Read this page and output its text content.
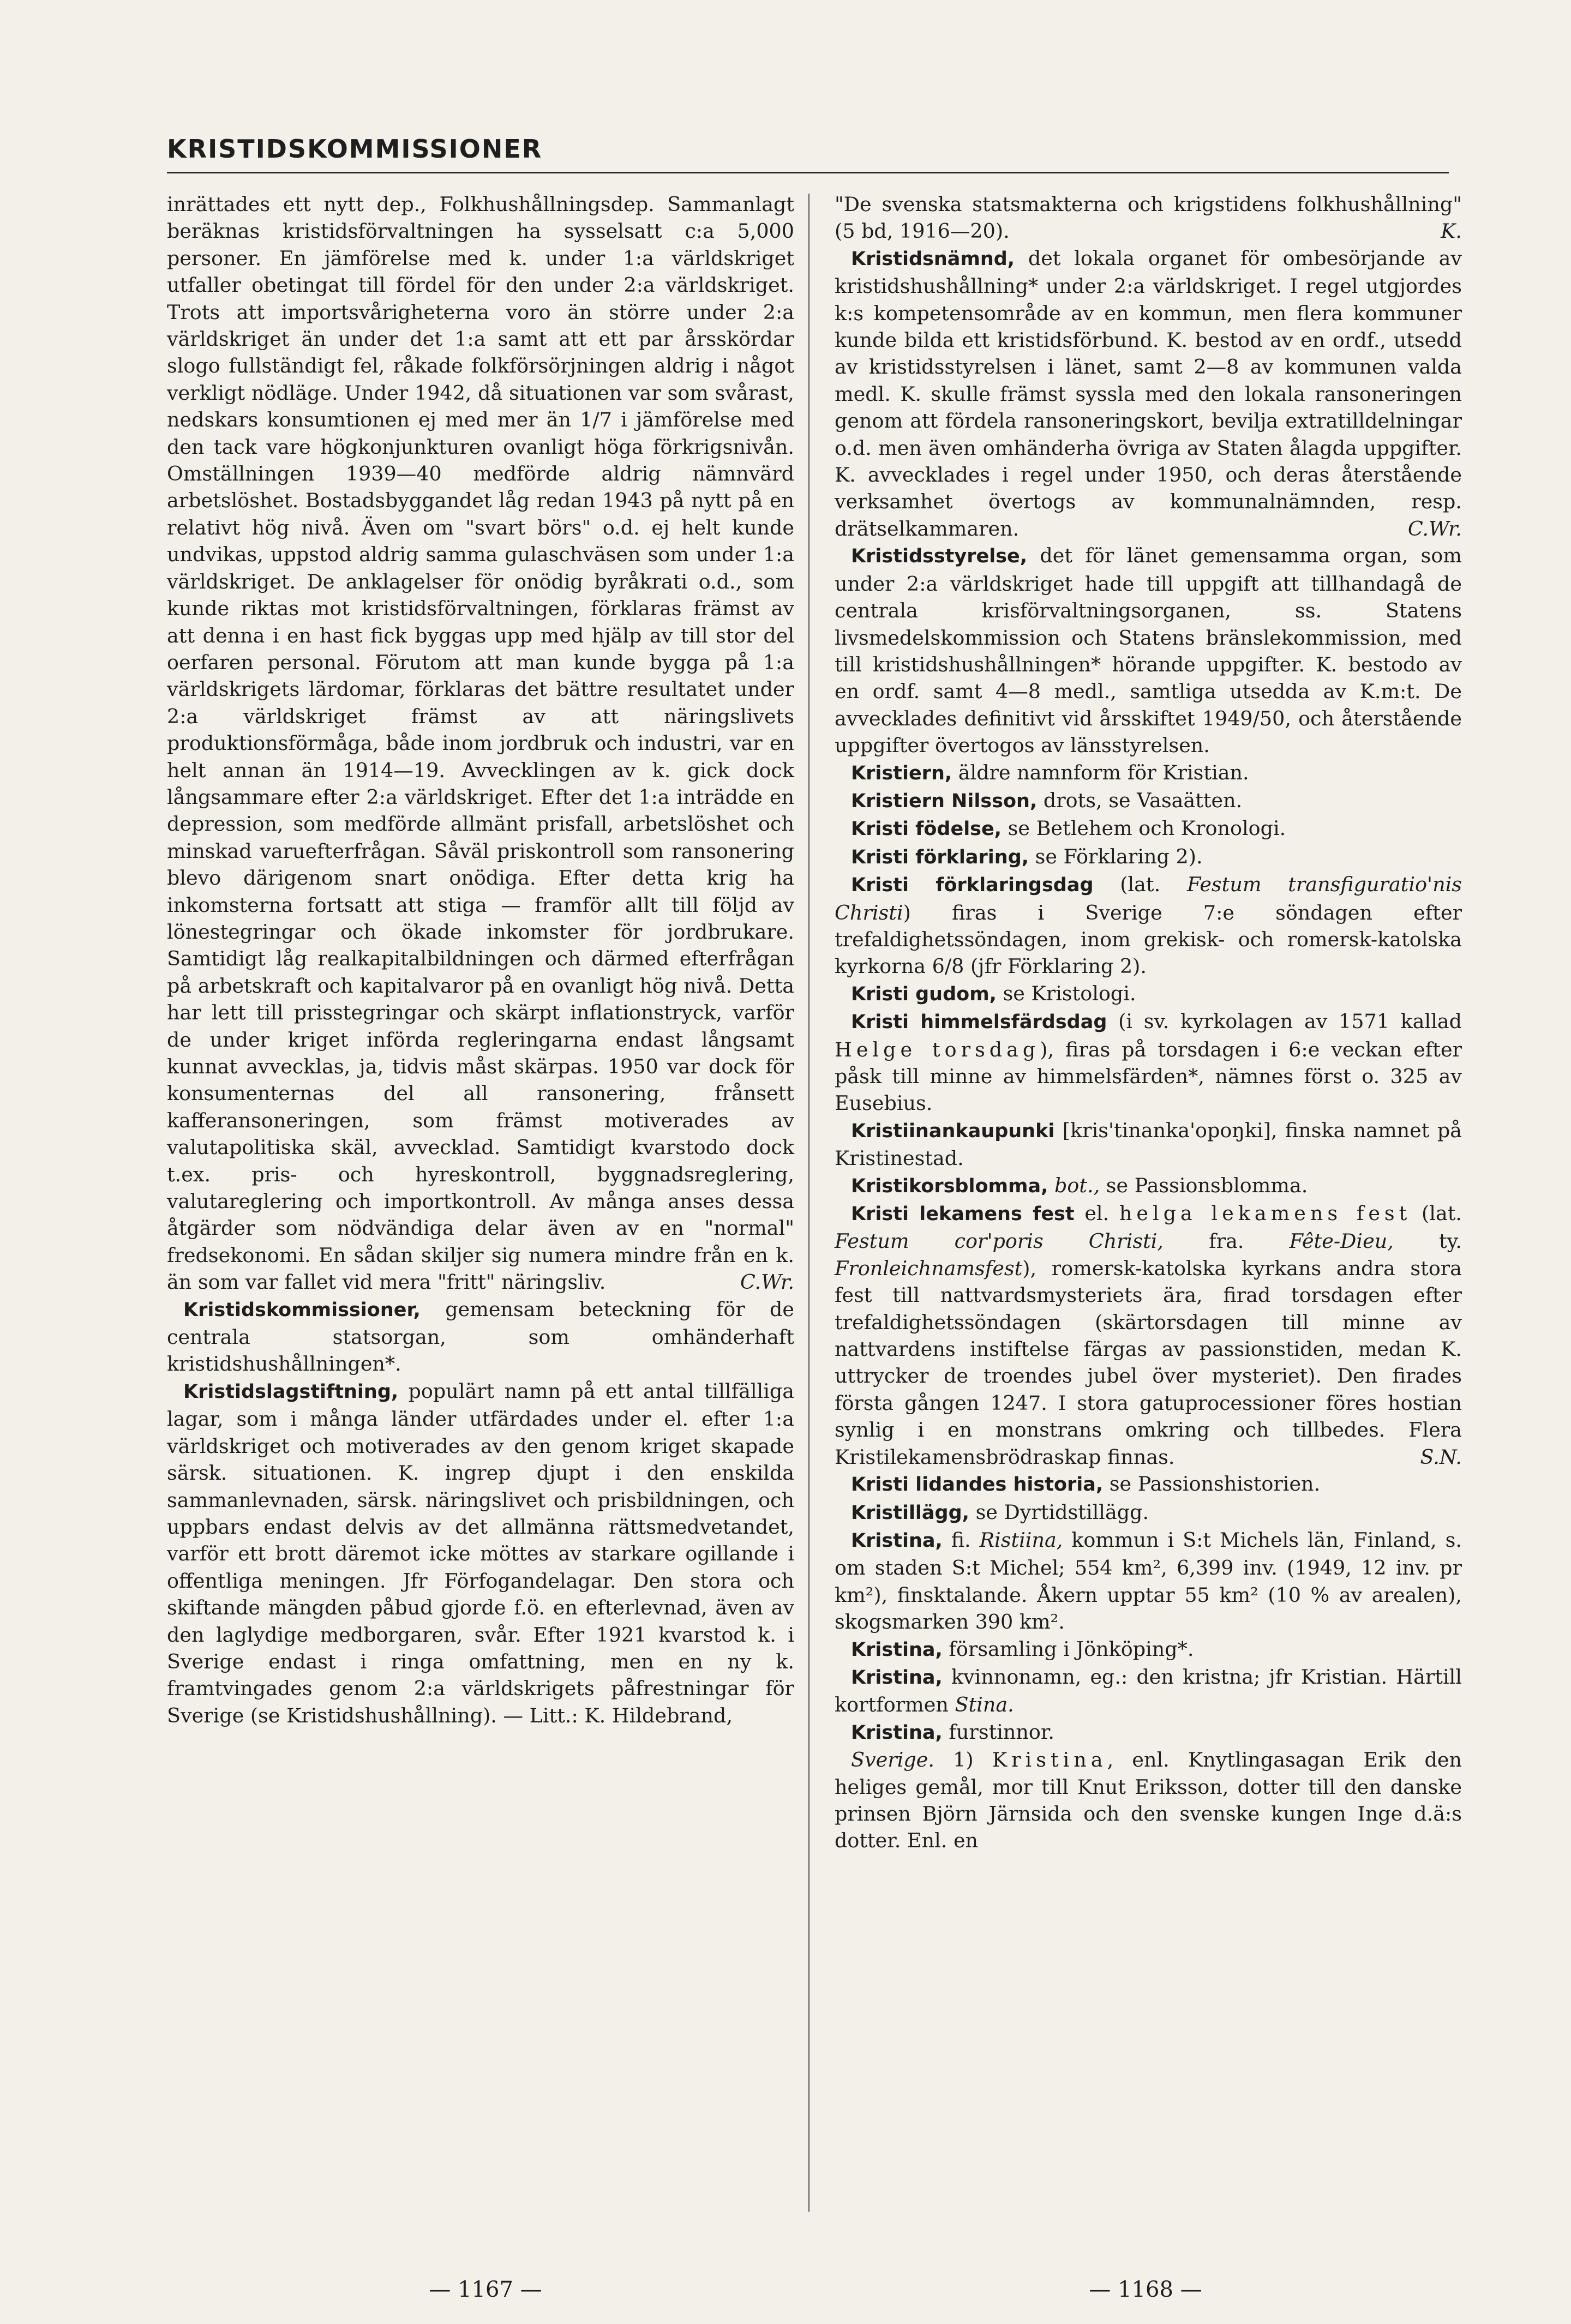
KRISTIDSKOMMISSIONER

inrättades ett nytt dep., Folkhushållningsdep. Sammanlagt beräknas kristidsförvaltningen ha sysselsatt c:a 5,000 personer. En jämförelse med k. under 1:a världskriget utfaller obetingat till fördel för den under 2:a världskriget. Trots att importsvårigheterna voro än större under 2:a världskriget än under det 1:a samt att ett par årsskördar slogo fullständigt fel, råkade folkförsörjningen aldrig i något verkligt nödläge. Under 1942, då situationen var som svårast, nedskars konsumtionen ej med mer än 1/7 i jämförelse med den tack vare högkonjunkturen ovanligt höga förkrigsnivån. Omställningen 1939—40 medförde aldrig nämnvärd arbetslöshet. Bostadsbyggandet låg redan 1943 på nytt på en relativt hög nivå. Även om "svart börs" o.d. ej helt kunde undvikas, uppstod aldrig samma gulaschväsen som under 1:a världskriget. De anklagelser för onödig byråkrati o.d., som kunde riktas mot kristidsförvaltningen, förklaras främst av att denna i en hast fick byggas upp med hjälp av till stor del oerfaren personal. Förutom att man kunde bygga på 1:a världskrigets lärdomar, förklaras det bättre resultatet under 2:a världskriget främst av att näringslivets produktionsförmåga, både inom jordbruk och industri, var en helt annan än 1914—19. Avvecklingen av k. gick dock långsammare efter 2:a världskriget. Efter det 1:a inträdde en depression, som medförde allmänt prisfall, arbetslöshet och minskad varuefterfrågan. Såväl priskontroll som ransonering blevo därigenom snart onödiga. Efter detta krig ha inkomsterna fortsatt att stiga — framför allt till följd av lönestegringar och ökade inkomster för jordbrukare. Samtidigt låg realkapitalbildningen och därmed efterfrågan på arbetskraft och kapitalvaror på en ovanligt hög nivå. Detta har lett till prisstegringar och skärpt inflationstryck, varför de under kriget införda regleringarna endast långsamt kunnat avvecklas, ja, tidvis måst skärpas. 1950 var dock för konsumenternas del all ransonering, frånsett kafferansoneringen, som främst motiverades av valutapolitiska skäl, avvecklad. Samtidigt kvarstodo dock t.ex. pris- och hyreskontroll, byggnadsreglering, valutareglering och importkontroll. Av många anses dessa åtgärder som nödvändiga delar även av en "normal" fredsekonomi. En sådan skiljer sig numera mindre från en k. än som var fallet vid mera "fritt" näringsliv.	C.Wr.

Kristidskommissioner, gemensam beteckning för de centrala statsorgan, som omhänderhaft kristidshushållningen*.

Kristidslagstiftning, populärt namn på ett antal tillfälliga lagar, som i många länder utfärdades under el. efter 1:a världskriget och motiverades av den genom kriget skapade särsk. situationen. K. ingrep djupt i den enskilda sammanlevnaden, särsk. näringslivet och prisbildningen, och uppbars endast delvis av det allmänna rättsmedvetandet, varför ett brott däremot icke möttes av starkare ogillande i offentliga meningen. Jfr Förfogandelagar. Den stora och skiftande mängden påbud gjorde f.ö. en efterlevnad, även av den laglydige medborgaren, svår. Efter 1921 kvarstod k. i Sverige endast i ringa omfattning, men en ny k. framtvingades genom 2:a världskrigets påfrestningar för Sverige (se Kristidshushållning). — Litt.: K. Hildebrand,

"De svenska statsmakterna och krigstidens folkhushållning" (5 bd, 1916—20).	K.

Kristidsnämnd, det lokala organet för ombesörjande av kristidshushållning* under 2:a världskriget. I regel utgjordes k:s kompetensområde av en kommun, men flera kommuner kunde bilda ett kristidsförbund. K. bestod av en ordf., utsedd av kristidsstyrelsen i länet, samt 2—8 av kommunen valda medl. K. skulle främst syssla med den lokala ransoneringen genom att fördela ransoneringskort, bevilja extratilldelningar o.d. men även omhänderha övriga av Staten ålagda uppgifter. K. avvecklades i regel under 1950, och deras återstående verksamhet övertogs av kommunalnämnden, resp. drätselkammaren.	C.Wr.

Kristidsstyrelse, det för länet gemensamma organ, som under 2:a världskriget hade till uppgift att tillhandagå de centrala krisförvaltningsorganen, ss. Statens livsmedelskommission och Statens bränslekommission, med till kristidshushållningen* hörande uppgifter. K. bestodo av en ordf. samt 4—8 medl., samtliga utsedda av K.m:t. De avvecklades definitivt vid årsskiftet 1949/50, och återstående uppgifter övertogos av länsstyrelsen.

Kristiern, äldre namnform för Kristian.

Kristiern Nilsson, drots, se Vasaätten.

Kristi födelse, se Betlehem och Kronologi.

Kristi förklaring, se Förklaring 2).

Kristi förklaringsdag (lat. Festum transfiguratio'nis Christi) firas i Sverige 7:e söndagen efter trefaldighetssöndagen, inom grekisk- och romersk-katolska kyrkorna 6/8 (jfr Förklaring 2).

Kristi gudom, se Kristologi.

Kristi himmelsfärdsdag (i sv. kyrkolagen av 1571 kallad Helge torsdag), firas på torsdagen i 6:e veckan efter påsk till minne av himmelsfärden*, nämnes först o. 325 av Eusebius.

Kristiinankaupunki [kris'tinanka'opoŋki], finska namnet på Kristinestad.

Kristikorsblomma, bot., se Passionsblomma.

Kristi lekamens fest el. helga lekamens fest (lat. Festum cor'poris Christi, fra. Fête-Dieu, ty. Fronleichnamsfest), romersk-katolska kyrkans andra stora fest till nattvardsmysteriets ära, firad torsdagen efter trefaldighetssöndagen (skärtorsdagen till minne av nattvardens instiftelse färgas av passionstiden, medan K. uttrycker de troendes jubel över mysteriet). Den firades första gången 1247. I stora gatuprocessioner föres hostian synlig i en monstrans omkring och tillbedes. Flera Kristilekamensbrödraskap finnas.	S.N.

Kristi lidandes historia, se Passionshistorien.

Kristillägg, se Dyrtidstillägg.

Kristina, fi. Ristiina, kommun i S:t Michels län, Finland, s. om staden S:t Michel; 554 km², 6,399 inv. (1949, 12 inv. pr km²), finsktalande. Åkern upptar 55 km² (10 % av arealen), skogsmarken 390 km².

Kristina, församling i Jönköping*.

Kristina, kvinnonamn, eg.: den kristna; jfr Kristian. Härtill kortformen Stina.

Kristina, furstinnor.

Sverige. 1) Kristina, enl. Knytlingasagan Erik den heliges gemål, mor till Knut Eriksson, dotter till den danske prinsen Björn Järnsida och den svenske kungen Inge d.ä:s dotter. Enl. en

— 1167 —	— 1168 —
